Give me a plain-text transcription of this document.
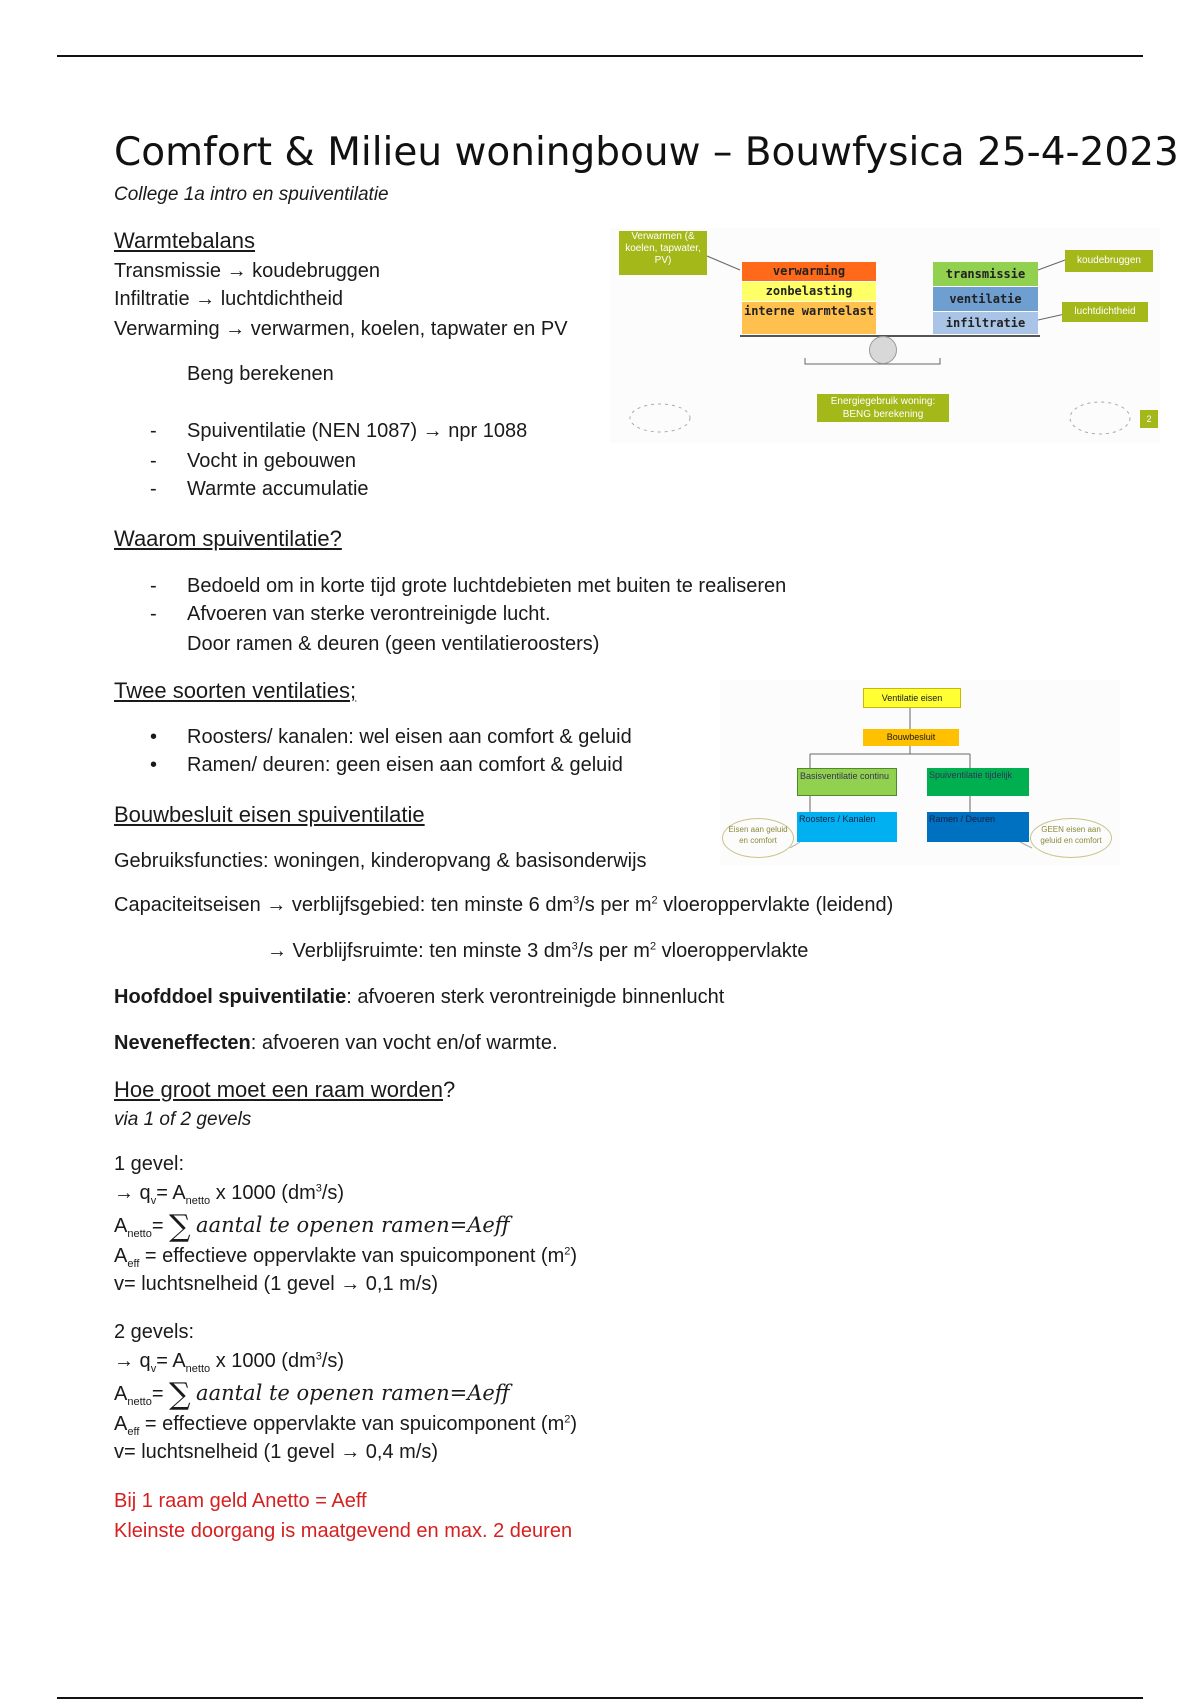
Comfort & Milieu woningbouw – Bouwfysica 25-4-2023
College 1a intro en spuiventilatie
Warmtebalans
Transmissie → koudebruggen
Infiltratie → luchtdichtheid
Verwarming → verwarmen, koelen, tapwater en PV
Beng berekenen
- Spuiventilatie (NEN 1087) → npr 1088
- Vocht in gebouwen
- Warmte accumulatie
Verwarmen (& koelen, tapwater, PV)
verwarming
zonbelasting
interne warmtelast
transmissie
ventilatie
infiltratie
koudebruggen
luchtdichtheid
Energiegebruik woning: BENG berekening	2
Waarom spuiventilatie?
- Bedoeld om in korte tijd grote luchtdebieten met buiten te realiseren
- Afvoeren van sterke verontreinigde lucht.
Door ramen & deuren (geen ventilatieroosters)
Twee soorten ventilaties;
• Roosters/ kanalen: wel eisen aan comfort & geluid
• Ramen/ deuren: geen eisen aan comfort & geluid
Ventilatie eisen
Bouwbesluit
Basisventilatie continu	Spuiventilatie tijdelijk
Roosters / Kanalen	Ramen / Deuren
Eisen aan geluid en comfort
GEEN eisen aan geluid en comfort
Bouwbesluit eisen spuiventilatie
Gebruiksfuncties: woningen, kinderopvang & basisonderwijs
Capaciteitseisen → verblijfsgebied: ten minste 6 $dm^3/s$ per $m^2$ vloeroppervlakte (leidend)
→ Verblijfsruimte: ten minste 3 $dm^3/s$ per $m^2$ vloeroppervlakte
Hoofddoel spuiventilatie: afvoeren sterk verontreinigde binnenlucht
Neveneffecten: afvoeren van vocht en/of warmte.
Hoe groot moet een raam worden?
via 1 of 2 gevels
1 gevel:
→ $q_v= A_{netto}$ x 1000 $(dm^3/s)$
$A_{netto}=$ ∑ aantal te openen ramen=Aeff
$A_{eff}$ = effectieve oppervlakte van spuicomponent $(m^2)$
v= luchtsnelheid (1 gevel → 0,1 m/s)
2 gevels:
→ $q_v= A_{netto}$ x 1000 $(dm^3/s)$
$A_{netto}=$ ∑ aantal te openen ramen=Aeff
$A_{eff}$ = effectieve oppervlakte van spuicomponent $(m^2)$
v= luchtsnelheid (1 gevel → 0,4 m/s)
Bij 1 raam geld Anetto = Aeff
Kleinste doorgang is maatgevend en max. 2 deuren
